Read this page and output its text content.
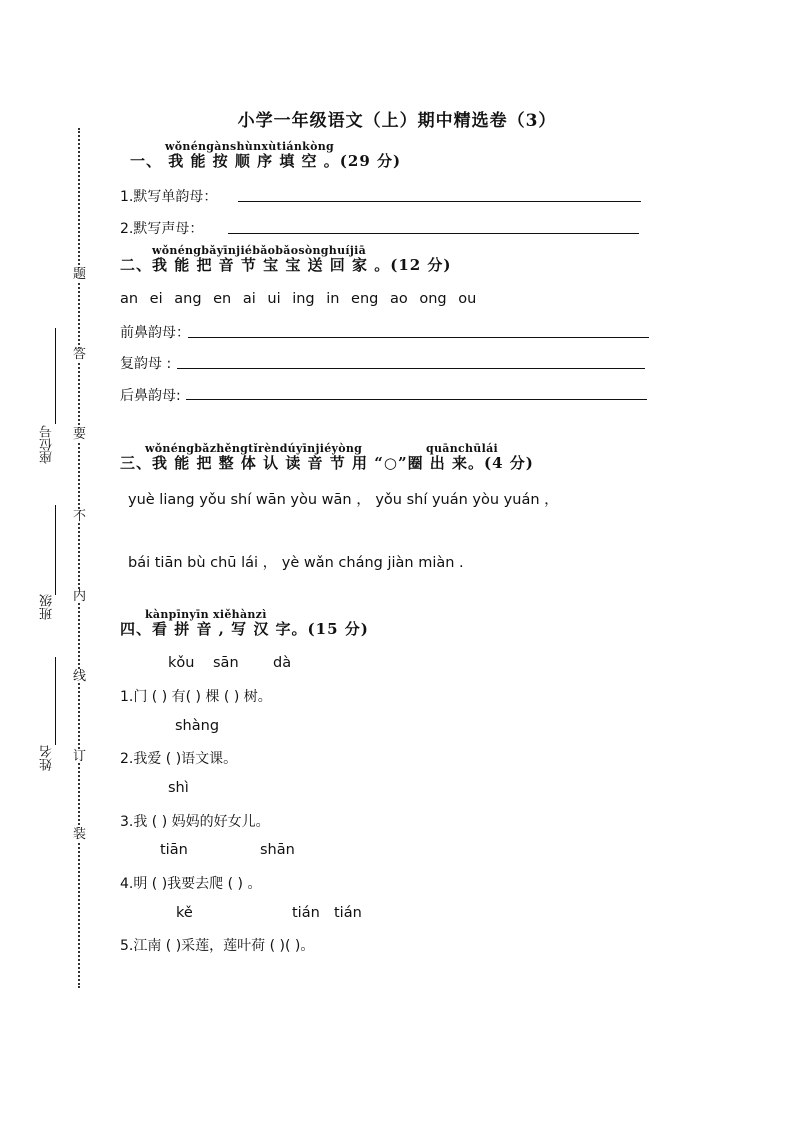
题
答
要
不
内
线
订
装
座位号
班级
姓名
小学一年级语文（上）期中精选卷（3）
wǒnéngànshùnxùtiánkòng
一、 我 能 按 顺 序 填 空 。(29 分)
1.默写单韵母：
2.默写声母：
wǒnéngbǎyīnjiébǎobǎosònghuíjiā
二、我 能 把 音 节 宝 宝 送 回 家 。(12 分)
an ei ang en ai ui ing in eng ao ong ou
前鼻韵母：
复韵母 :
后鼻韵母:
wǒnéngbǎzhěngtǐrèndúyīnjiéyòng	quānchūlái
三、我 能 把 整 体 认 读 音 节 用 “○”圈 出 来。(4 分)
yuè liang yǒu shí wān yòu wān ， yǒu shí yuán yòu yuán ，
bái tiān bù chū lái ， yè wǎn cháng jiàn miàn .
kànpīnyīn xiěhànzì
四、看 拼 音 , 写 汉 字。(15 分)
kǒu sān dà
1.门 ( ) 有( ) 棵 ( ) 树。
shàng
2.我爱 ( )语文课。
shì
3.我 ( ) 妈妈的好女儿。
tiān	shān
4.明 ( )我要去爬 ( ) 。
kě	tián tián
5.江南 ( )采莲，莲叶荷 ( )( )。
